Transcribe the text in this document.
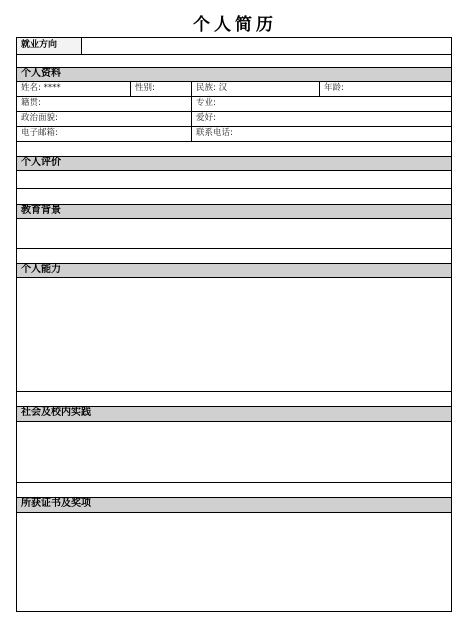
个人简历
就业方向
个人资料
姓名: ****	性别:	民族: 汉	年龄:
籍贯:	专业:
政治面貌:	爱好:
电子邮箱:	联系电话:
个人评价
教育背景
个人能力
社会及校内实践
所获证书及奖项
